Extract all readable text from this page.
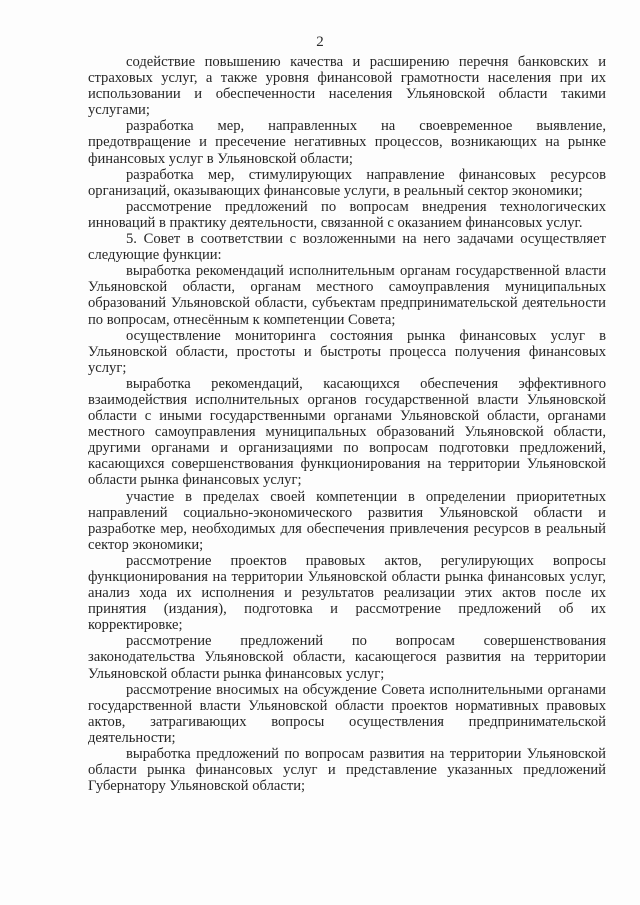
2

содействие повышению качества и расширению перечня банковских и страховых услуг, а также уровня финансовой грамотности населения при их использовании и обеспеченности населения Ульяновской области такими услугами;

разработка мер, направленных на своевременное выявление, предотвращение и пресечение негативных процессов, возникающих на рынке финансовых услуг в Ульяновской области;

разработка мер, стимулирующих направление финансовых ресурсов организаций, оказывающих финансовые услуги, в реальный сектор экономики;

рассмотрение предложений по вопросам внедрения технологических инноваций в практику деятельности, связанной с оказанием финансовых услуг.

5. Совет в соответствии с возложенными на него задачами осуществляет следующие функции:

выработка рекомендаций исполнительным органам государственной власти Ульяновской области, органам местного самоуправления муниципальных образований Ульяновской области, субъектам предпринимательской деятельности по вопросам, отнесённым к компетенции Совета;

осуществление мониторинга состояния рынка финансовых услуг в Ульяновской области, простоты и быстроты процесса получения финансовых услуг;

выработка рекомендаций, касающихся обеспечения эффективного взаимодействия исполнительных органов государственной власти Ульяновской области с иными государственными органами Ульяновской области, органами местного самоуправления муниципальных образований Ульяновской области, другими органами и организациями по вопросам подготовки предложений, касающихся совершенствования функционирования на территории Ульяновской области рынка финансовых услуг;

участие в пределах своей компетенции в определении приоритетных направлений социально-экономического развития Ульяновской области и разработке мер, необходимых для обеспечения привлечения ресурсов в реальный сектор экономики;

рассмотрение проектов правовых актов, регулирующих вопросы функционирования на территории Ульяновской области рынка финансовых услуг, анализ хода их исполнения и результатов реализации этих актов после их принятия (издания), подготовка и рассмотрение предложений об их корректировке;

рассмотрение предложений по вопросам совершенствования законодательства Ульяновской области, касающегося развития на территории Ульяновской области рынка финансовых услуг;

рассмотрение вносимых на обсуждение Совета исполнительными органами государственной власти Ульяновской области проектов нормативных правовых актов, затрагивающих вопросы осуществления предпринимательской деятельности;

выработка предложений по вопросам развития на территории Ульяновской области рынка финансовых услуг и представление указанных предложений Губернатору Ульяновской области;
